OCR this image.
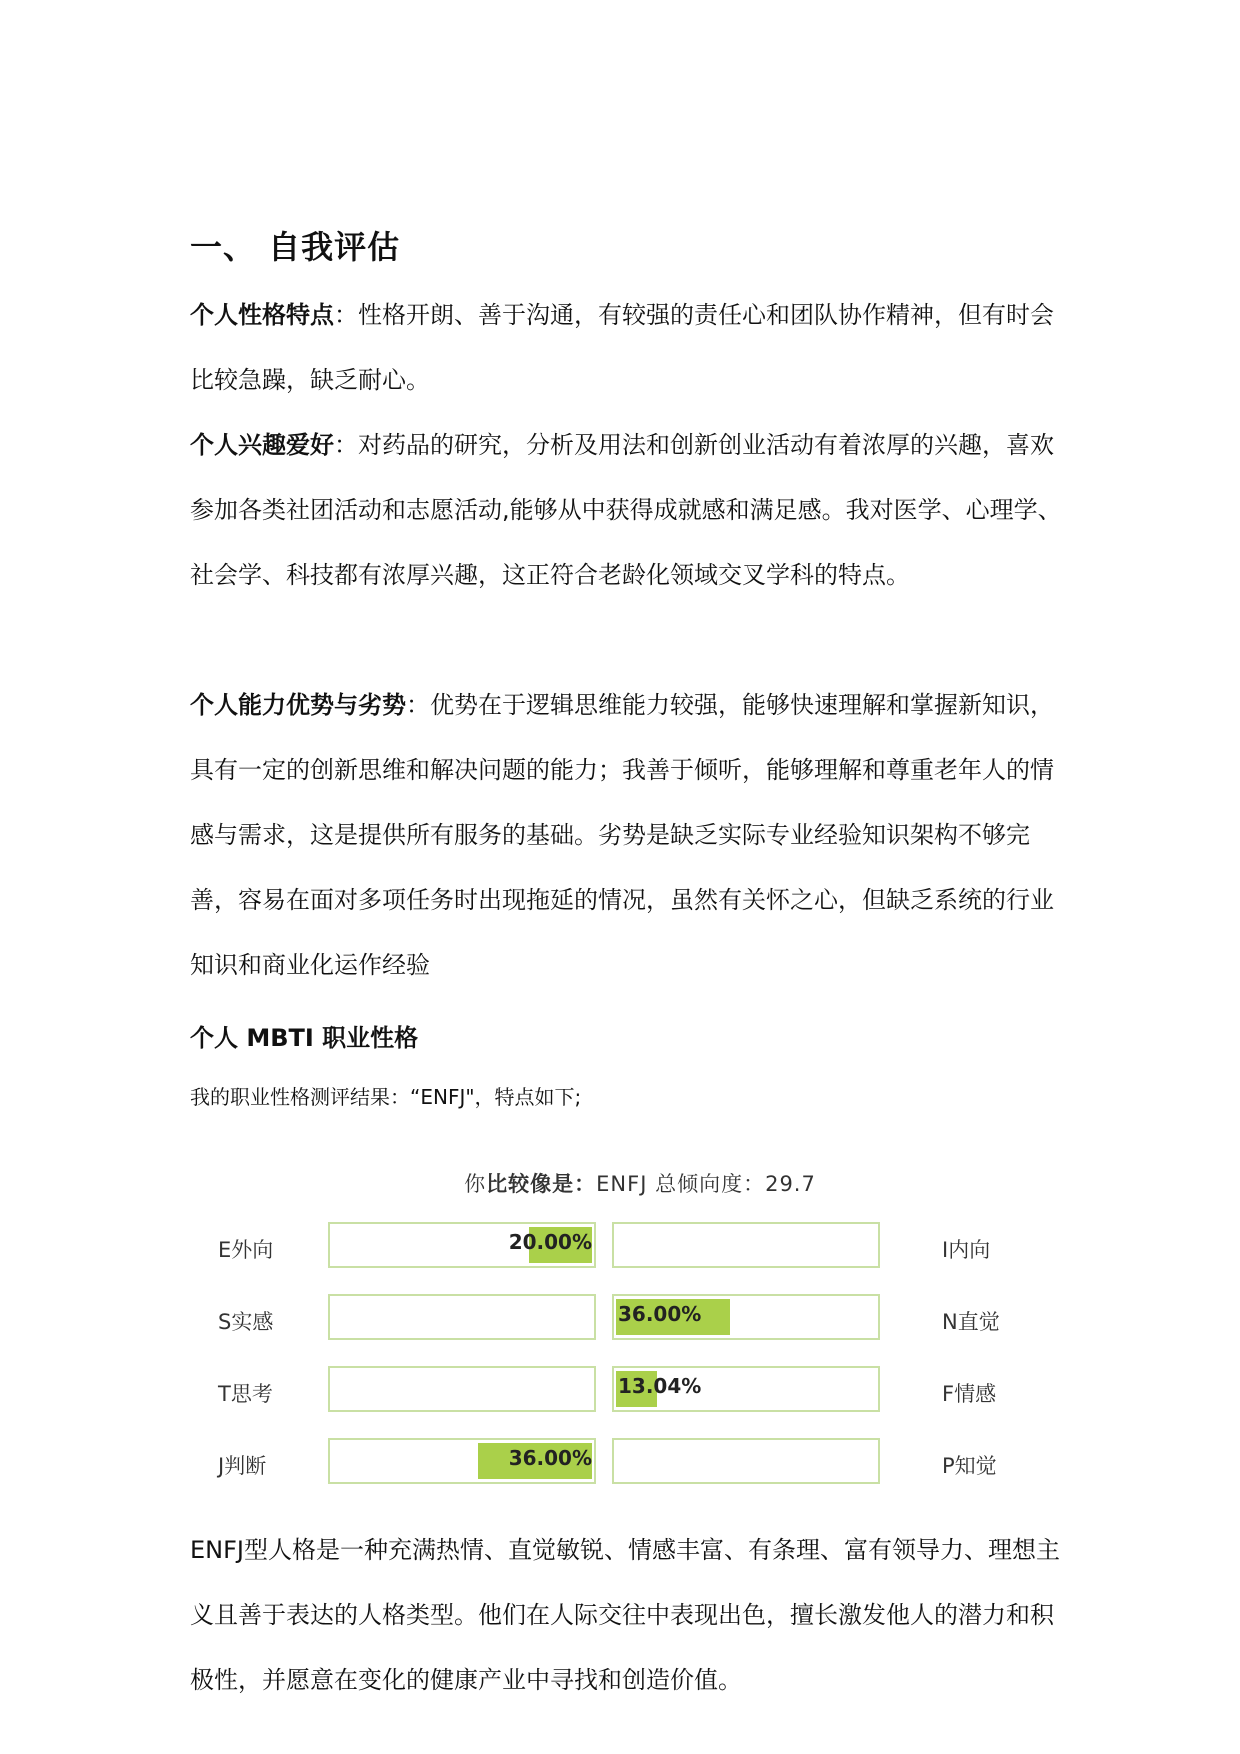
一、 自我评估

个人性格特点：性格开朗、善于沟通，有较强的责任心和团队协作精神，但有时会比较急躁，缺乏耐心。

个人兴趣爱好：对药品的研究，分析及用法和创新创业活动有着浓厚的兴趣，喜欢参加各类社团活动和志愿活动,能够从中获得成就感和满足感。我对医学、心理学、社会学、科技都有浓厚兴趣，这正符合老龄化领域交叉学科的特点。

个人能力优势与劣势：优势在于逻辑思维能力较强，能够快速理解和掌握新知识，具有一定的创新思维和解决问题的能力；我善于倾听，能够理解和尊重老年人的情感与需求，这是提供所有服务的基础。劣势是缺乏实际专业经验知识架构不够完善，容易在面对多项任务时出现拖延的情况，虽然有关怀之心，但缺乏系统的行业知识和商业化运作经验

个人 MBTI 职业性格
我的职业性格测评结果：“ENFJ"，特点如下;
你比较像是：ENFJ 总倾向度：29.7
E外向	20.00%	I内向
S实感	36.00%	N直觉
T思考	13.04%	F情感
J判断	36.00%	P知觉

ENFJ型人格是一种充满热情、直觉敏锐、情感丰富、有条理、富有领导力、理想主义且善于表达的人格类型。他们在人际交往中表现出色，擅长激发他人的潜力和积极性，并愿意在变化的健康产业中寻找和创造价值。
